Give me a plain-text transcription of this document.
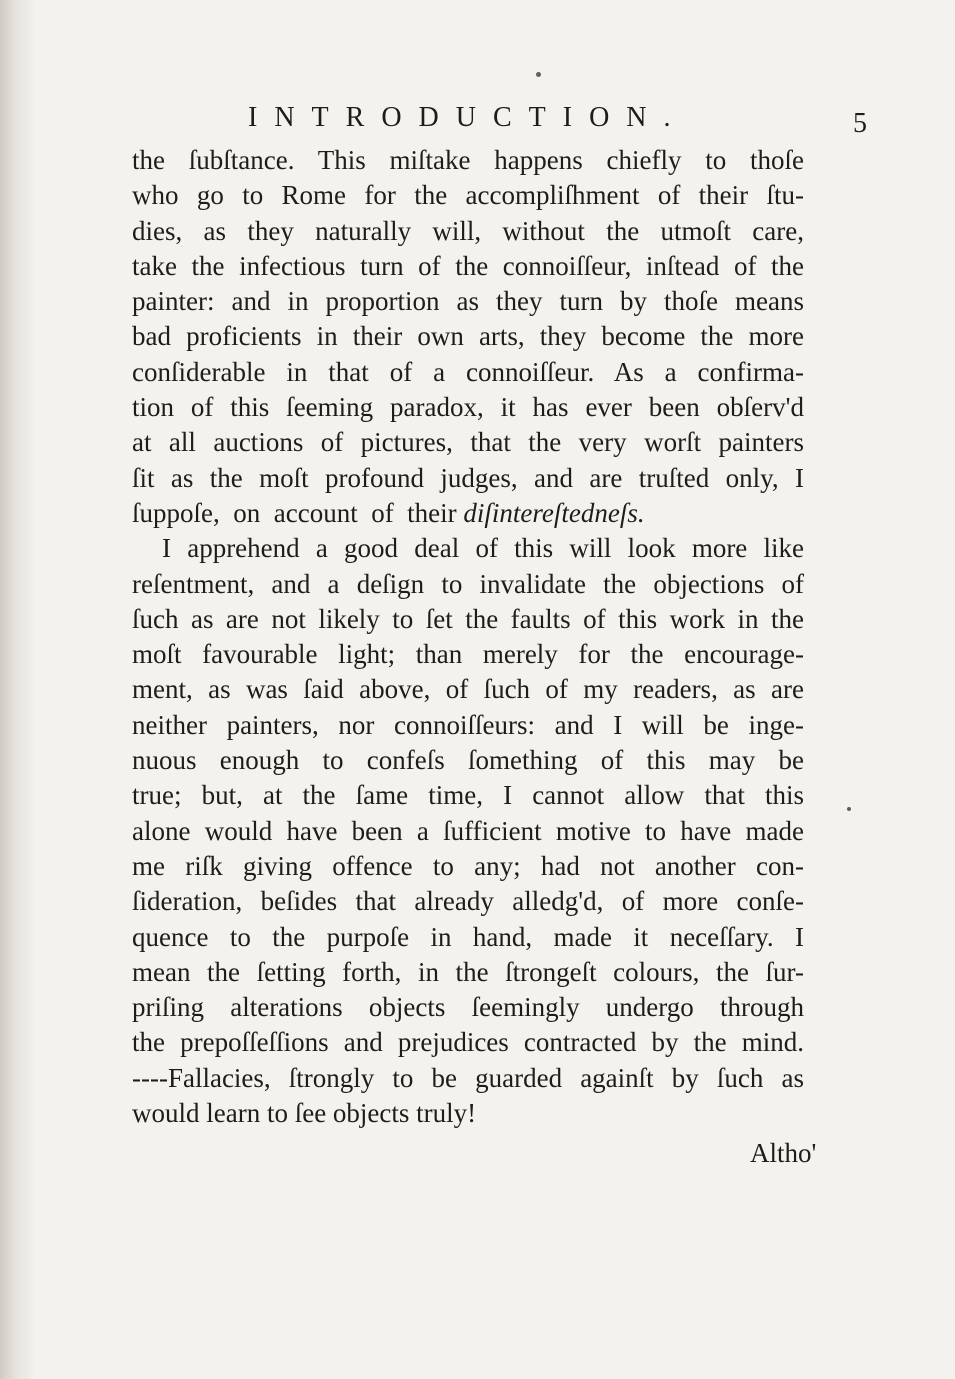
INTRODUCTION.	5
the ſubſtance. This miſtake happens chiefly to thoſe
who go to Rome for the accompliſhment of their ſtu-
dies, as they naturally will, without the utmoſt care,
take the infectious turn of the connoiſſeur, inſtead of the
painter: and in proportion as they turn by thoſe means
bad proficients in their own arts, they become the more
conſiderable in that of a connoiſſeur. As a confirma-
tion of this ſeeming paradox, it has ever been obſerv'd
at all auctions of pictures, that the very worſt painters
ſit as the moſt profound judges, and are truſted only, I
ſuppoſe,  on  account  of  their diſintereſtedneſs.
I apprehend a good deal of this will look more like
reſentment, and a deſign to invalidate the objections of
ſuch as are not likely to ſet the faults of this work in the
moſt favourable light; than merely for the encourage-
ment, as was ſaid above, of ſuch of my readers, as are
neither painters, nor connoiſſeurs: and I will be inge-
nuous enough to confeſs ſomething of this may be
true; but, at the ſame time, I cannot allow that this
alone would have been a ſufficient motive to have made
me riſk giving offence to any; had not another con-
ſideration, beſides that already alledg'd, of more conſe-
quence to the purpoſe in hand, made it neceſſary. I
mean the ſetting forth, in the ſtrongeſt colours, the ſur-
priſing alterations objects ſeemingly undergo through
the prepoſſeſſions and prejudices contracted by the mind.
----Fallacies, ſtrongly to be guarded againſt by ſuch as
would learn to ſee objects truly!
Altho'
